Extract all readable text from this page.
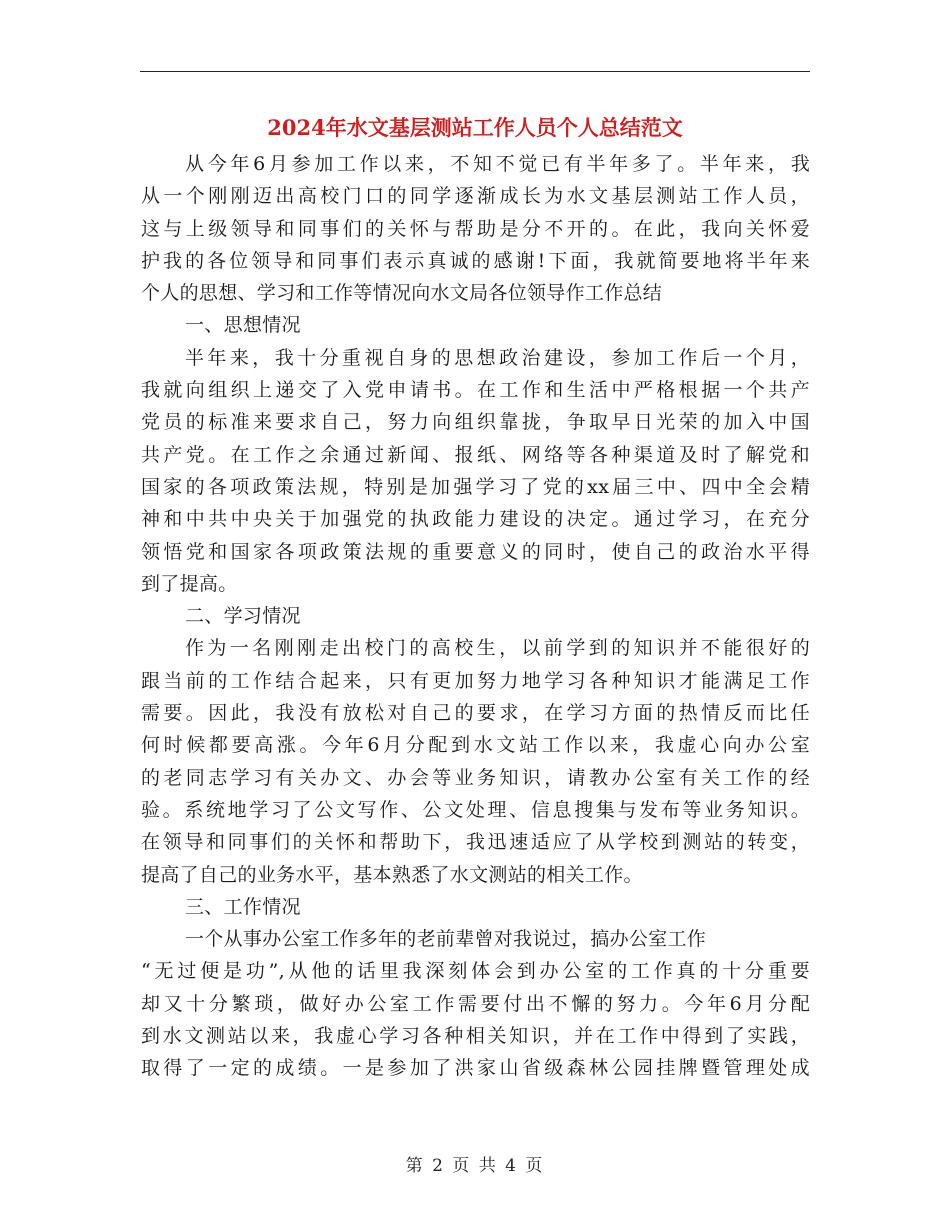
2024年水文基层测站工作人员个人总结范文
从今年6月参加工作以来，不知不觉已有半年多了。半年来，我
从一个刚刚迈出高校门口的同学逐渐成长为水文基层测站工作人员，
这与上级领导和同事们的关怀与帮助是分不开的。在此，我向关怀爱
护我的各位领导和同事们表示真诚的感谢!下面，我就简要地将半年来
个人的思想、学习和工作等情况向水文局各位领导作工作总结
一、思想情况
半年来，我十分重视自身的思想政治建设，参加工作后一个月，
我就向组织上递交了入党申请书。在工作和生活中严格根据一个共产
党员的标准来要求自己，努力向组织靠拢，争取早日光荣的加入中国
共产党。在工作之余通过新闻、报纸、网络等各种渠道及时了解党和
国家的各项政策法规，特别是加强学习了党的xx届三中、四中全会精
神和中共中央关于加强党的执政能力建设的决定。通过学习，在充分
领悟党和国家各项政策法规的重要意义的同时，使自己的政治水平得
到了提高。
二、学习情况
作为一名刚刚走出校门的高校生，以前学到的知识并不能很好的
跟当前的工作结合起来，只有更加努力地学习各种知识才能满足工作
需要。因此，我没有放松对自己的要求，在学习方面的热情反而比任
何时候都要高涨。今年6月分配到水文站工作以来，我虚心向办公室
的老同志学习有关办文、办会等业务知识，请教办公室有关工作的经
验。系统地学习了公文写作、公文处理、信息搜集与发布等业务知识。
在领导和同事们的关怀和帮助下，我迅速适应了从学校到测站的转变，
提高了自己的业务水平，基本熟悉了水文测站的相关工作。
三、工作情况
一个从事办公室工作多年的老前辈曾对我说过，搞办公室工作
“无过便是功”,从他的话里我深刻体会到办公室的工作真的十分重要
却又十分繁琐，做好办公室工作需要付出不懈的努力。今年6月分配
到水文测站以来，我虚心学习各种相关知识，并在工作中得到了实践，
取得了一定的成绩。一是参加了洪家山省级森林公园挂牌暨管理处成
第 2 页 共 4 页
